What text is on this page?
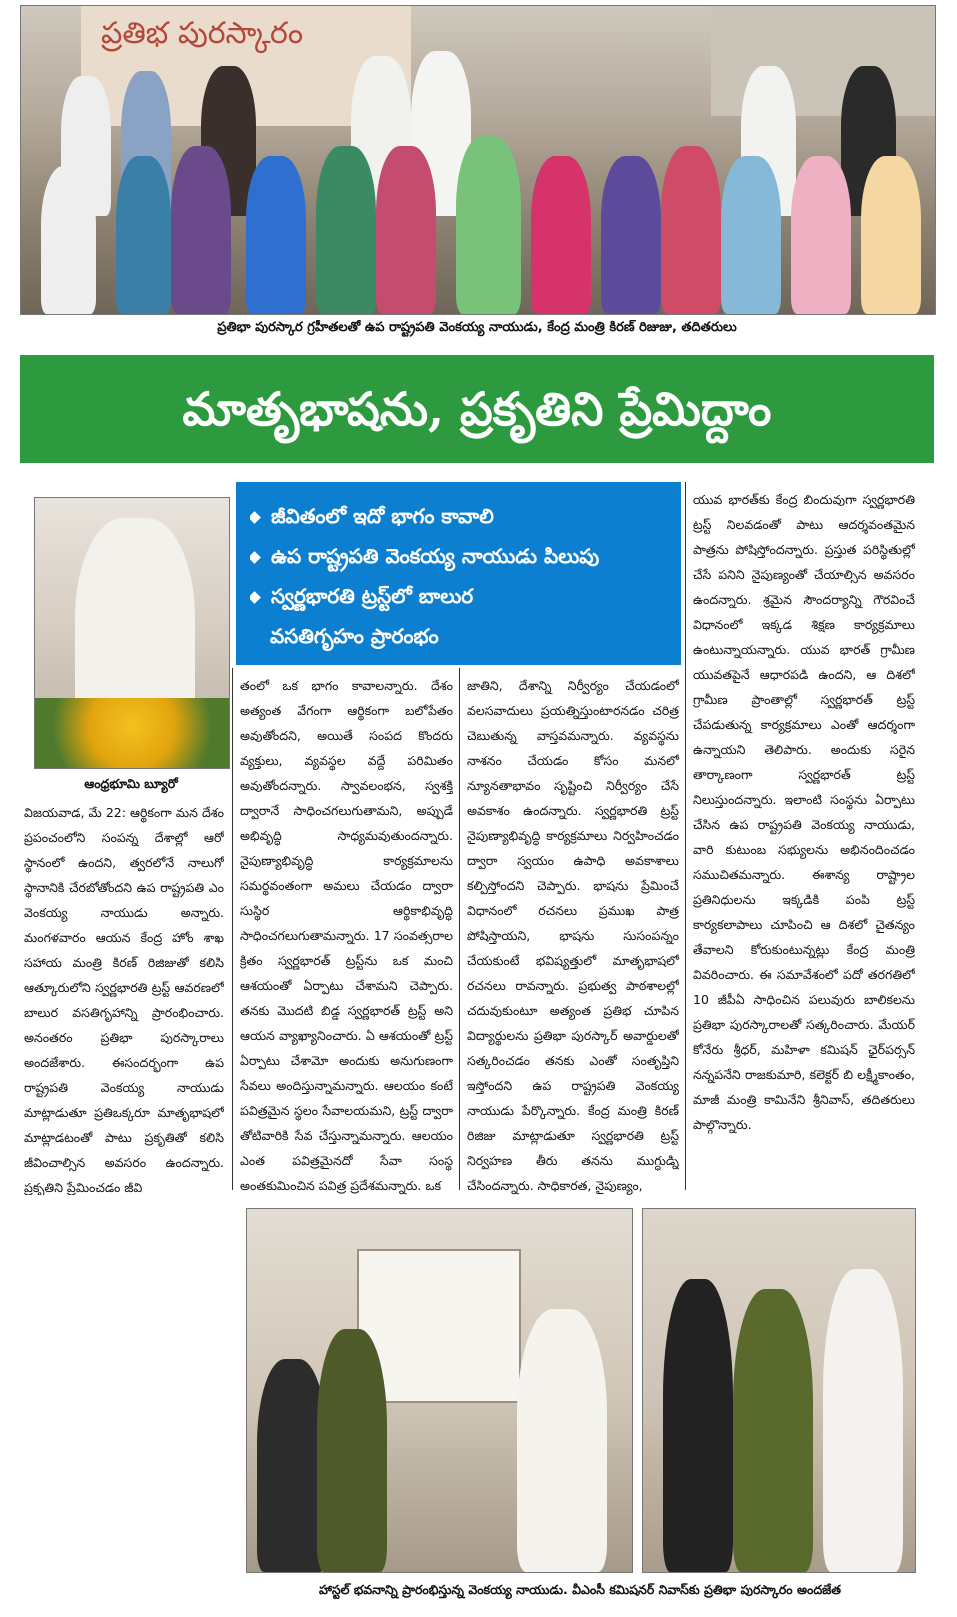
ప్రతిభ పురస్కారం
ప్రతిభా పురస్కార గ్రహీతలతో ఉప రాష్ట్రపతి వెంకయ్య నాయుడు, కేంద్ర మంత్రి కిరణ్ రిజుజు, తదితరులు
మాతృభాషను, ప్రకృతిని ప్రేమిద్దాం
ఆంధ్రభూమి బ్యూరో
జీవితంలో ఇదో భాగం కావాలి
ఉప రాష్ట్రపతి వెంకయ్య నాయుడు పిలుపు
స్వర్ణభారతి ట్రస్ట్‌లో బాలుర
వసతిగృహం ప్రారంభం
విజయవాడ, మే 22: ఆర్థికంగా మన దేశం ప్రపంచంలోని సంపన్న దేశాల్లో ఆరో స్థానంలో ఉందని, త్వరలోనే నాలుగో స్థానానికి చేరబోతోందని ఉప రాష్ట్రపతి ఎం వెంకయ్య నాయుడు అన్నారు. మంగళవారం ఆయన కేంద్ర హోం శాఖ సహాయ మంత్రి కిరణ్ రిజిజుతో కలిసి ఆత్కూరులోని స్వర్ణభారతి ట్రస్ట్ ఆవరణలో బాలుర వసతిగృహాన్ని ప్రారంభించారు. అనంతరం ప్రతిభా పురస్కారాలు అందజేశారు. ఈసందర్భంగా ఉప రాష్ట్రపతి వెంకయ్య నాయుడు మాట్లాడుతూ ప్రతిఒక్కరూ మాతృభాషలో మాట్లాడటంతో పాటు ప్రకృతితో కలిసి జీవించాల్సిన అవసరం ఉందన్నారు. ప్రకృతిని ప్రేమించడం జీవి
తంలో ఒక భాగం కావాలన్నారు. దేశం అత్యంత వేగంగా ఆర్థికంగా బలోపేతం అవుతోందని, అయితే సంపద కొందరు వ్యక్తులు, వ్యవస్థల వద్దే పరిమితం అవుతోందన్నారు. స్వావలంభన, స్వశక్తి ద్వారానే సాధించగలుగుతామని, అప్పుడే అభివృద్ధి సాధ్యమవుతుందన్నారు. నైపుణ్యాభివృద్ధి కార్యక్రమాలను సమర్థవంతంగా అమలు చేయడం ద్వారా సుస్థిర ఆర్థికాభివృద్ధి సాధించగలుగుతామన్నారు. 17 సంవత్సరాల క్రితం స్వర్ణభారత్ ట్రస్ట్‌ను ఒక మంచి ఆశయంతో ఏర్పాటు చేశామని చెప్పారు. తనకు మొదటి బిడ్డ స్వర్ణభారత్ ట్రస్ట్ అని ఆయన వ్యాఖ్యానించారు. ఏ ఆశయంతో ట్రస్ట్ ఏర్పాటు చేశామో అందుకు అనుగుణంగా సేవలు అందిస్తున్నామన్నారు. ఆలయం కంటే పవిత్రమైన స్థలం సేవాలయమని, ట్రస్ట్ ద్వారా తోటివారికి సేవ చేస్తున్నామన్నారు. ఆలయం ఎంత పవిత్రమైనదో సేవా సంస్థ అంతకుమించిన పవిత్ర ప్రదేశమన్నారు. ఒక
జాతిని, దేశాన్ని నిర్వీర్యం చేయడంలో వలసవాదులు ప్రయత్నిస్తుంటారనడం చరిత్ర చెబుతున్న వాస్తవమన్నారు. వ్యవస్థను నాశనం చేయడం కోసం మనలో న్యూనతాభావం సృష్టించి నిర్వీర్యం చేసే అవకాశం ఉందన్నారు. స్వర్ణభారతి ట్రస్ట్ నైపుణ్యాభివృద్ధి కార్యక్రమాలు నిర్వహించడం ద్వారా స్వయం ఉపాధి అవకాశాలు కల్పిస్తోందని చెప్పారు. భాషను ప్రేమించే విధానంలో రచనలు ప్రముఖ పాత్ర పోషిస్తాయని, భాషను సుసంపన్నం చేయకుంటే భవిష్యత్తులో మాతృభాషలో రచనలు రావన్నారు. ప్రభుత్వ పాఠశాలల్లో చదువుకుంటూ అత్యంత ప్రతిభ చూపిన విద్యార్థులను ప్రతిభా పురస్కార్ అవార్డులతో సత్కరించడం తనకు ఎంతో సంతృప్తిని ఇస్తోందని ఉప రాష్ట్రపతి వెంకయ్య నాయుడు పేర్కొన్నారు. కేంద్ర మంత్రి కిరణ్ రిజిజు మాట్లాడుతూ స్వర్ణభారతి ట్రస్ట్ నిర్వహణ తీరు తనను ముగ్ధుడ్ని చేసిందన్నారు. సాధికారత, నైపుణ్యం,
యువ భారత్‌కు కేంద్ర బిందువుగా స్వర్ణభారతి ట్రస్ట్ నిలవడంతో పాటు ఆదర్శవంతమైన పాత్రను పోషిస్తోందన్నారు. ప్రస్తుత పరిస్థితుల్లో చేసే పనిని నైపుణ్యంతో చేయాల్సిన అవసరం ఉందన్నారు. శ్రమైన సౌందర్యాన్ని గౌరవించే విధానంలో ఇక్కడ శిక్షణ కార్యక్రమాలు ఉంటున్నాయన్నారు. యువ భారత్ గ్రామీణ యువతపైనే ఆధారపడి ఉందని, ఆ దిశలో గ్రామీణ ప్రాంతాల్లో స్వర్ణభారత్ ట్రస్ట్ చేపడుతున్న కార్యక్రమాలు ఎంతో ఆదర్శంగా ఉన్నాయని తెలిపారు. అందుకు సరైన తార్కాణంగా స్వర్ణభారత్ ట్రస్ట్ నిలుస్తుందన్నారు. ఇలాంటి సంస్థను ఏర్పాటు చేసిన ఉప రాష్ట్రపతి వెంకయ్య నాయుడు, వారి కుటుంబ సభ్యులను అభినందించడం సముచితమన్నారు. ఈశాన్య రాష్ట్రాల ప్రతినిధులను ఇక్కడికి పంపి ట్రస్ట్ కార్యకలాపాలు చూపించి ఆ దిశలో చైతన్యం తేవాలని కోరుకుంటున్నట్లు కేంద్ర మంత్రి వివరించారు. ఈ సమావేశంలో పదో తరగతిలో 10 జీపీఏ సాధించిన పలువురు బాలికలను ప్రతిభా పురస్కారాలతో సత్కరించారు. మేయర్ కోనేరు శ్రీధర్, మహిళా కమిషన్ ఛైర్‌పర్సన్ నన్నపనేని రాజకుమారి, కలెక్టర్ బి లక్ష్మీకాంతం, మాజీ మంత్రి కామినేని శ్రీనివాస్, తదితరులు పాల్గొన్నారు.
హాస్టల్ భవనాన్ని ప్రారంభిస్తున్న వెంకయ్య నాయుడు. వీఎంసీ కమిషనర్ నివాస్‌కు ప్రతిభా పురస్కారం అందజేత
